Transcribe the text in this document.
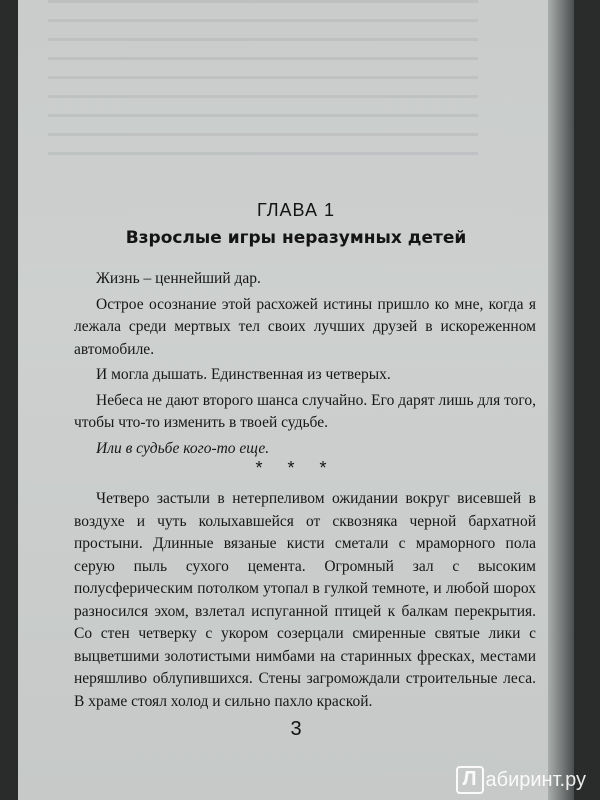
ГЛАВА 1
Взрослые игры неразумных детей

Жизнь – ценнейший дар.

Острое осознание этой расхожей истины пришло ко мне, когда я лежала среди мертвых тел своих лучших друзей в искореженном автомобиле.

И могла дышать. Единственная из четверых.

Небеса не дают второго шанса случайно. Его дарят лишь для того, чтобы что-то изменить в твоей судьбе.

Или в судьбе кого-то еще.

* * *

Четверо застыли в нетерпеливом ожидании вокруг висевшей в воздухе и чуть колыхавшейся от сквозняка черной бархатной простыни. Длинные вязаные кисти сметали с мраморного пола серую пыль сухого цемента. Огромный зал с высоким полусферическим потолком утопал в гулкой темноте, и любой шорох разносился эхом, взлетал испуганной птицей к балкам перекрытия. Со стен четверку с укором созерцали смиренные святые лики с выцветшими золотистыми нимбами на старинных фресках, местами неряшливо облупившихся. Стены загромождали строительные леса. В храме стоял холод и сильно пахло краской.

3
Л абиринт.ру
